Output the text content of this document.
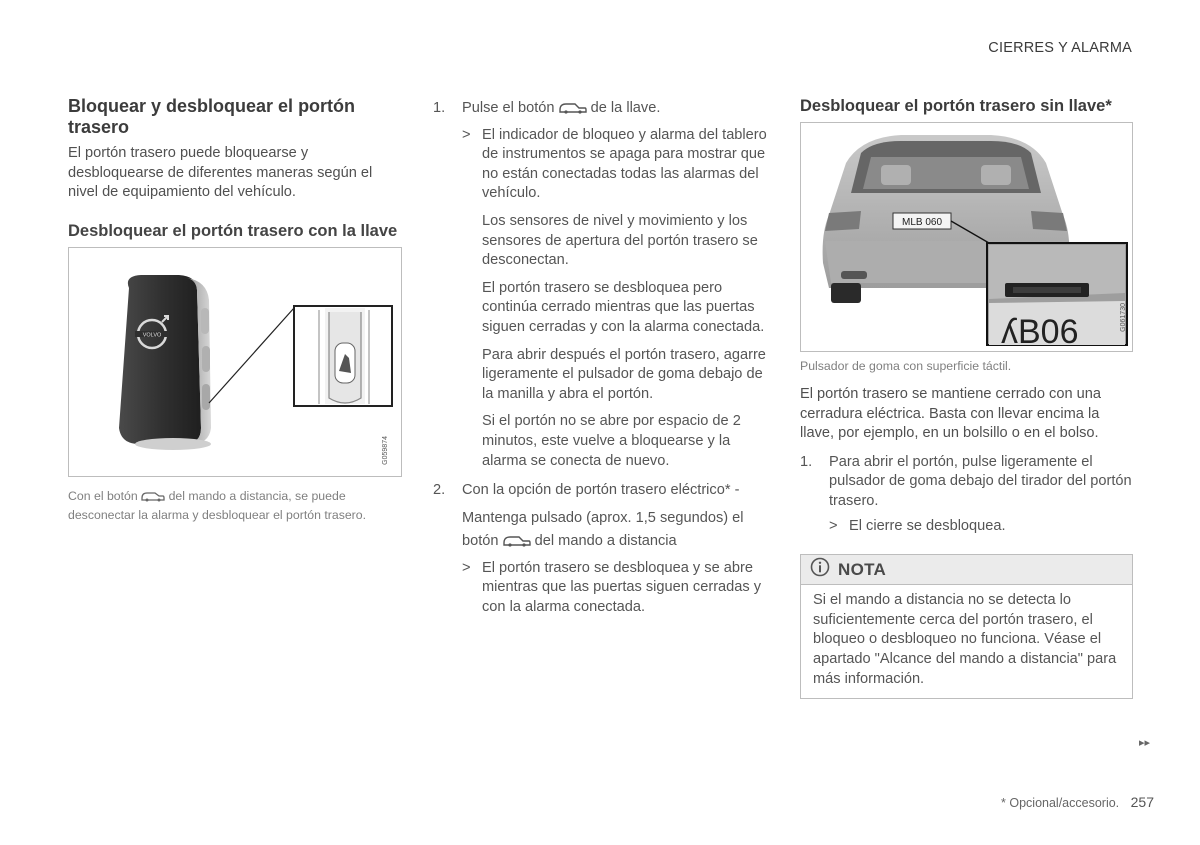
CIERRES Y ALARMA
Bloquear y desbloquear el portón trasero

El portón trasero puede bloquearse y desbloquearse de diferentes maneras según el nivel de equipamiento del vehículo.

Desbloquear el portón trasero con la llave
VOLVO
G059874
Con el botón	del mando a distancia, se puede desconectar la alarma y desbloquear el portón trasero.
1. Pulse el botón de la llave.
> El indicador de bloqueo y alarma del tablero de instrumentos se apaga para mostrar que no están conectadas todas las alarmas del vehículo.

Los sensores de nivel y movimiento y los sensores de apertura del portón trasero se desconectan.

El portón trasero se desbloquea pero continúa cerrado mientras que las puertas siguen cerradas y con la alarma conectada.

Para abrir después el portón trasero, agarre ligeramente el pulsador de goma debajo de la manilla y abra el portón.

Si el portón no se abre por espacio de 2 minutos, este vuelve a bloquearse y la alarma se conecta de nuevo.

2. Con la opción de portón trasero eléctrico* -

Mantenga pulsado (aprox. 1,5 segundos) el

botón del mando a distancia

> El portón trasero se desbloquea y se abre mientras que las puertas siguen cerradas y con la alarma conectada.
Desbloquear el portón trasero sin llave*
MLB 060
ʎB06	G061730
Pulsador de goma con superficie táctil.

El portón trasero se mantiene cerrado con una cerradura eléctrica. Basta con llevar encima la llave, por ejemplo, en un bolsillo o en el bolso.

1. Para abrir el portón, pulse ligeramente el pulsador de goma debajo del tirador del portón trasero.
> El cierre se desbloquea.
NOTA
Si el mando a distancia no se detecta lo suficientemente cerca del portón trasero, el bloqueo o desbloqueo no funciona. Véase el apartado "Alcance del mando a distancia" para más información.
▸▸
* Opcional/accesorio. 257
